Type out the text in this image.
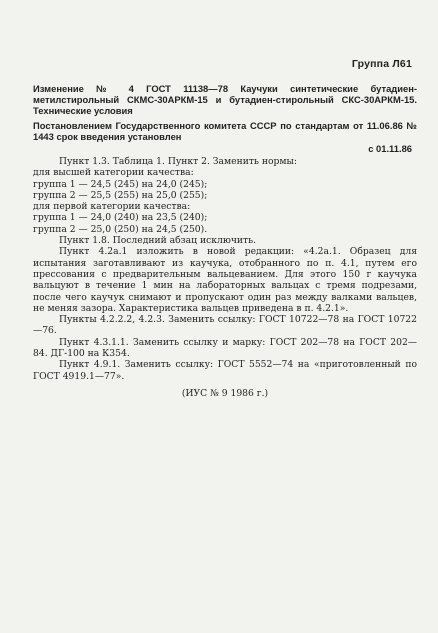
Группа Л61
Изменение № 4 ГОСТ 11138—78 Каучуки синтетические бутадиен-метилстирольный СКМС-30АРКМ-15 и бутадиен-стирольный СКС-30АРКМ-15. Технические условия
Постановлением Государственного комитета СССР по стандартам от 11.06.86 № 1443 срок введения установлен
с 01.11.86
Пункт 1.3. Таблица 1. Пункт 2. Заменить нормы:
для высшей категории качества:
группа 1 — 24,5 (245) на 24,0 (245);
группа 2 — 25,5 (255) на 25,0 (255);
для первой категории качества:
группа 1 — 24,0 (240) на 23,5 (240);
группа 2 — 25,0 (250) на 24,5 (250).
Пункт 1.8. Последний абзац исключить.
Пункт 4.2а.1 изложить в новой редакции: «4.2а.1. Образец для испытания заготавливают из каучука, отобранного по п. 4.1, путем его прессования с предварительным вальцеванием. Для этого 150 г каучука вальцуют в течение 1 мин на лабораторных вальцах с тремя подрезами, после чего каучук снимают и пропускают один раз между валками вальцев, не меняя зазора. Характеристика вальцев приведена в п. 4.2.1».
Пункты 4.2.2.2, 4.2.3. Заменить ссылку: ГОСТ 10722—78 на ГОСТ 10722—76.
Пункт 4.3.1.1. Заменить ссылку и марку: ГОСТ 202—78 на ГОСТ 202—84. ДГ-100 на К354.
Пункт 4.9.1. Заменить ссылку: ГОСТ 5552—74 на «приготовленный по ГОСТ 4919.1—77».
(ИУС № 9 1986 г.)
